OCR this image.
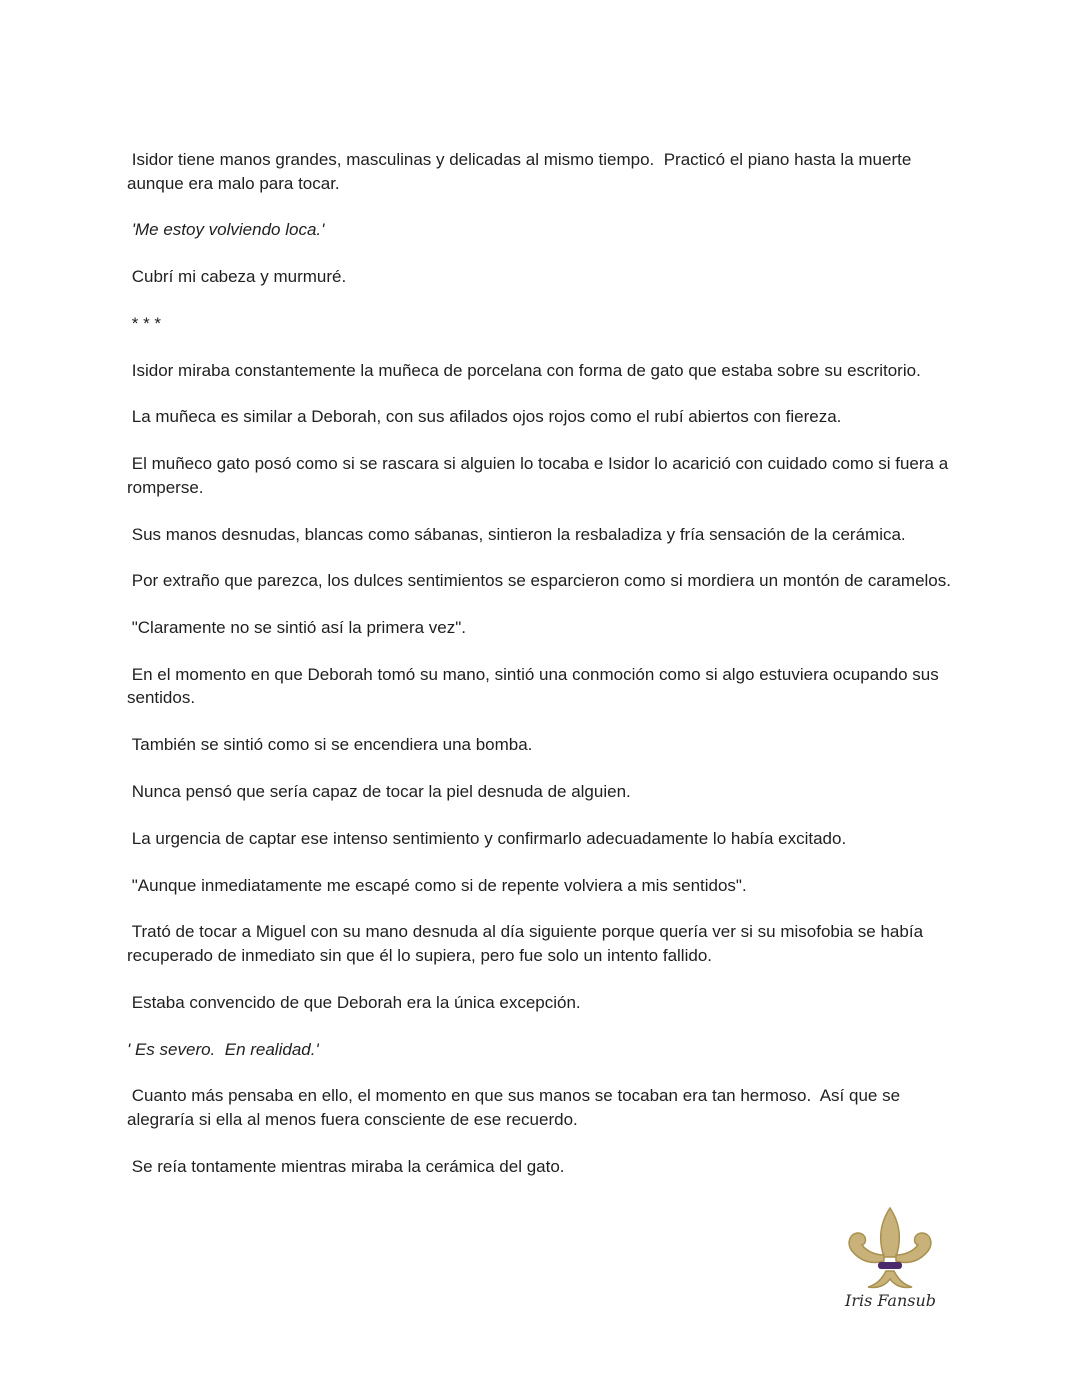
Isidor tiene manos grandes, masculinas y delicadas al mismo tiempo.  Practicó el piano hasta la muerte aunque era malo para tocar.

'Me estoy volviendo loca.'

Cubrí mi cabeza y murmuré.

* * *

Isidor miraba constantemente la muñeca de porcelana con forma de gato que estaba sobre su escritorio.

La muñeca es similar a Deborah, con sus afilados ojos rojos como el rubí abiertos con fiereza.

El muñeco gato posó como si se rascara si alguien lo tocaba e Isidor lo acarició con cuidado como si fuera a romperse.

Sus manos desnudas, blancas como sábanas, sintieron la resbaladiza y fría sensación de la cerámica.

Por extraño que parezca, los dulces sentimientos se esparcieron como si mordiera un montón de caramelos.

"Claramente no se sintió así la primera vez".

En el momento en que Deborah tomó su mano, sintió una conmoción como si algo estuviera ocupando sus sentidos.

También se sintió como si se encendiera una bomba.

Nunca pensó que sería capaz de tocar la piel desnuda de alguien.

La urgencia de captar ese intenso sentimiento y confirmarlo adecuadamente lo había excitado.

"Aunque inmediatamente me escapé como si de repente volviera a mis sentidos".

Trató de tocar a Miguel con su mano desnuda al día siguiente porque quería ver si su misofobia se había recuperado de inmediato sin que él lo supiera, pero fue solo un intento fallido.

Estaba convencido de que Deborah era la única excepción.

' Es severo.  En realidad.'

Cuanto más pensaba en ello, el momento en que sus manos se tocaban era tan hermoso.  Así que se alegraría si ella al menos fuera consciente de ese recuerdo.

Se reía tontamente mientras miraba la cerámica del gato.

Iris Fansub
